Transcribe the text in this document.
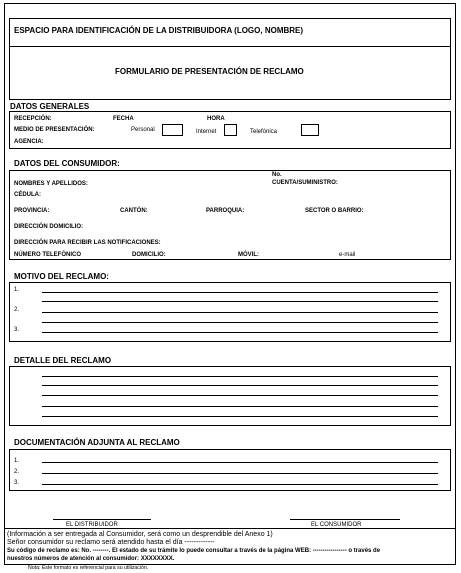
ESPACIO PARA IDENTIFICACIÓN DE LA DISTRIBUIDORA (LOGO, NOMBRE)
FORMULARIO DE PRESENTACIÓN DE RECLAMO
DATOS GENERALES
RECEPCIÓN:	FECHA	HORA
MEDIO DE PRESENTACIÓN:	Personal	Internet	Telefónica
AGENCIA:
DATOS DEL CONSUMIDOR:
No.
NOMBRES Y APELLIDOS:	CUENTA/SUMINISTRO:
CÉDULA:
PROVINCIA:	CANTÓN:	PARROQUIA:	SECTOR O BARRIO:
DIRECCIÓN DOMICILIO:
DIRECCIÓN PARA RECIBIR LAS NOTIFICACIONES:
NÚMERO TELEFÓNICO	DOMICILIO:	MÓVIL:	e-mail
MOTIVO DEL RECLAMO:
1.
2.
3.
DETALLE DEL RECLAMO
DOCUMENTACIÓN ADJUNTA AL RECLAMO
1.
2.
3.
EL DISTRIBUIDOR	EL CONSUMIDOR
(Información a ser entregada al Consumidor, será como un desprendible del Anexo 1)
Señor consumidor su reclamo será atendido hasta el día -------------
Su código de reclamo es: No. --------. El estado de su trámite lo puede consultar a través de la página WEB: ----------------- o través de
nuestros números de atención al consumidor: XXXXXXXX.
Nota: Este formato es referencial para su utilización.
